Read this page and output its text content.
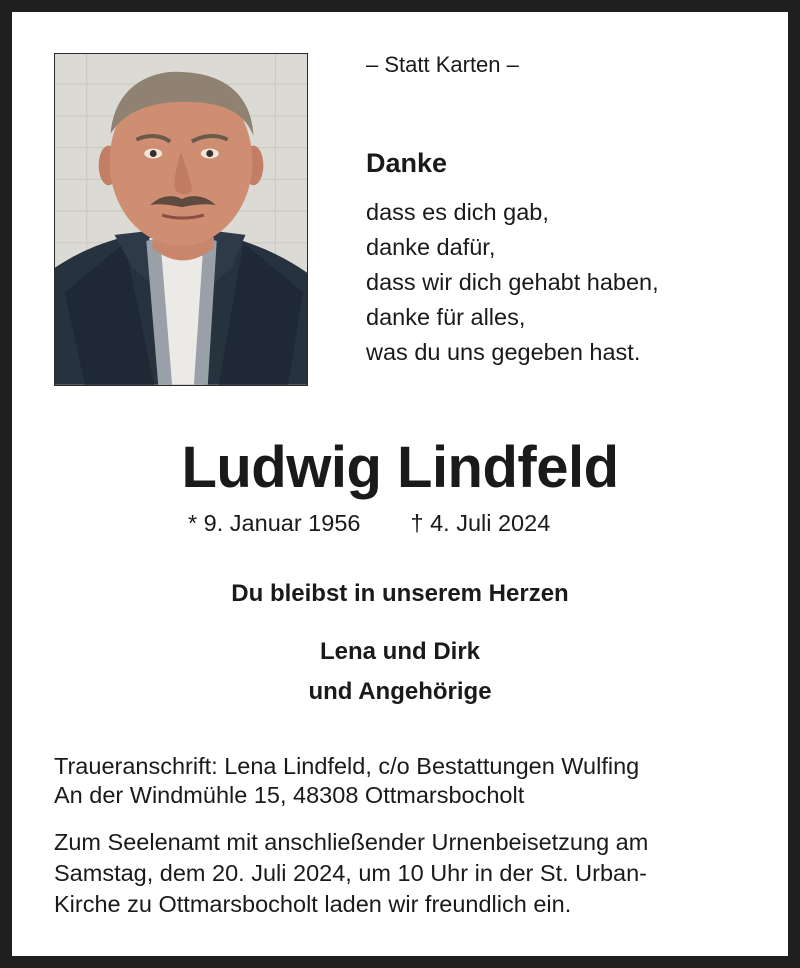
– Statt Karten –
Danke
dass es dich gab,
danke dafür,
dass wir dich gehabt haben,
danke für alles,
was du uns gegeben hast.
Ludwig Lindfeld
* 9. Januar 1956 † 4. Juli 2024
Du bleibst in unserem Herzen
Lena und Dirk
und Angehörige
Traueranschrift: Lena Lindfeld, c/o Bestattungen Wulfing
An der Windmühle 15, 48308 Ottmarsbocholt
Zum Seelenamt mit anschließender Urnenbeisetzung am
Samstag, dem 20. Juli 2024, um 10 Uhr in der St. Urban-
Kirche zu Ottmarsbocholt laden wir freundlich ein.
